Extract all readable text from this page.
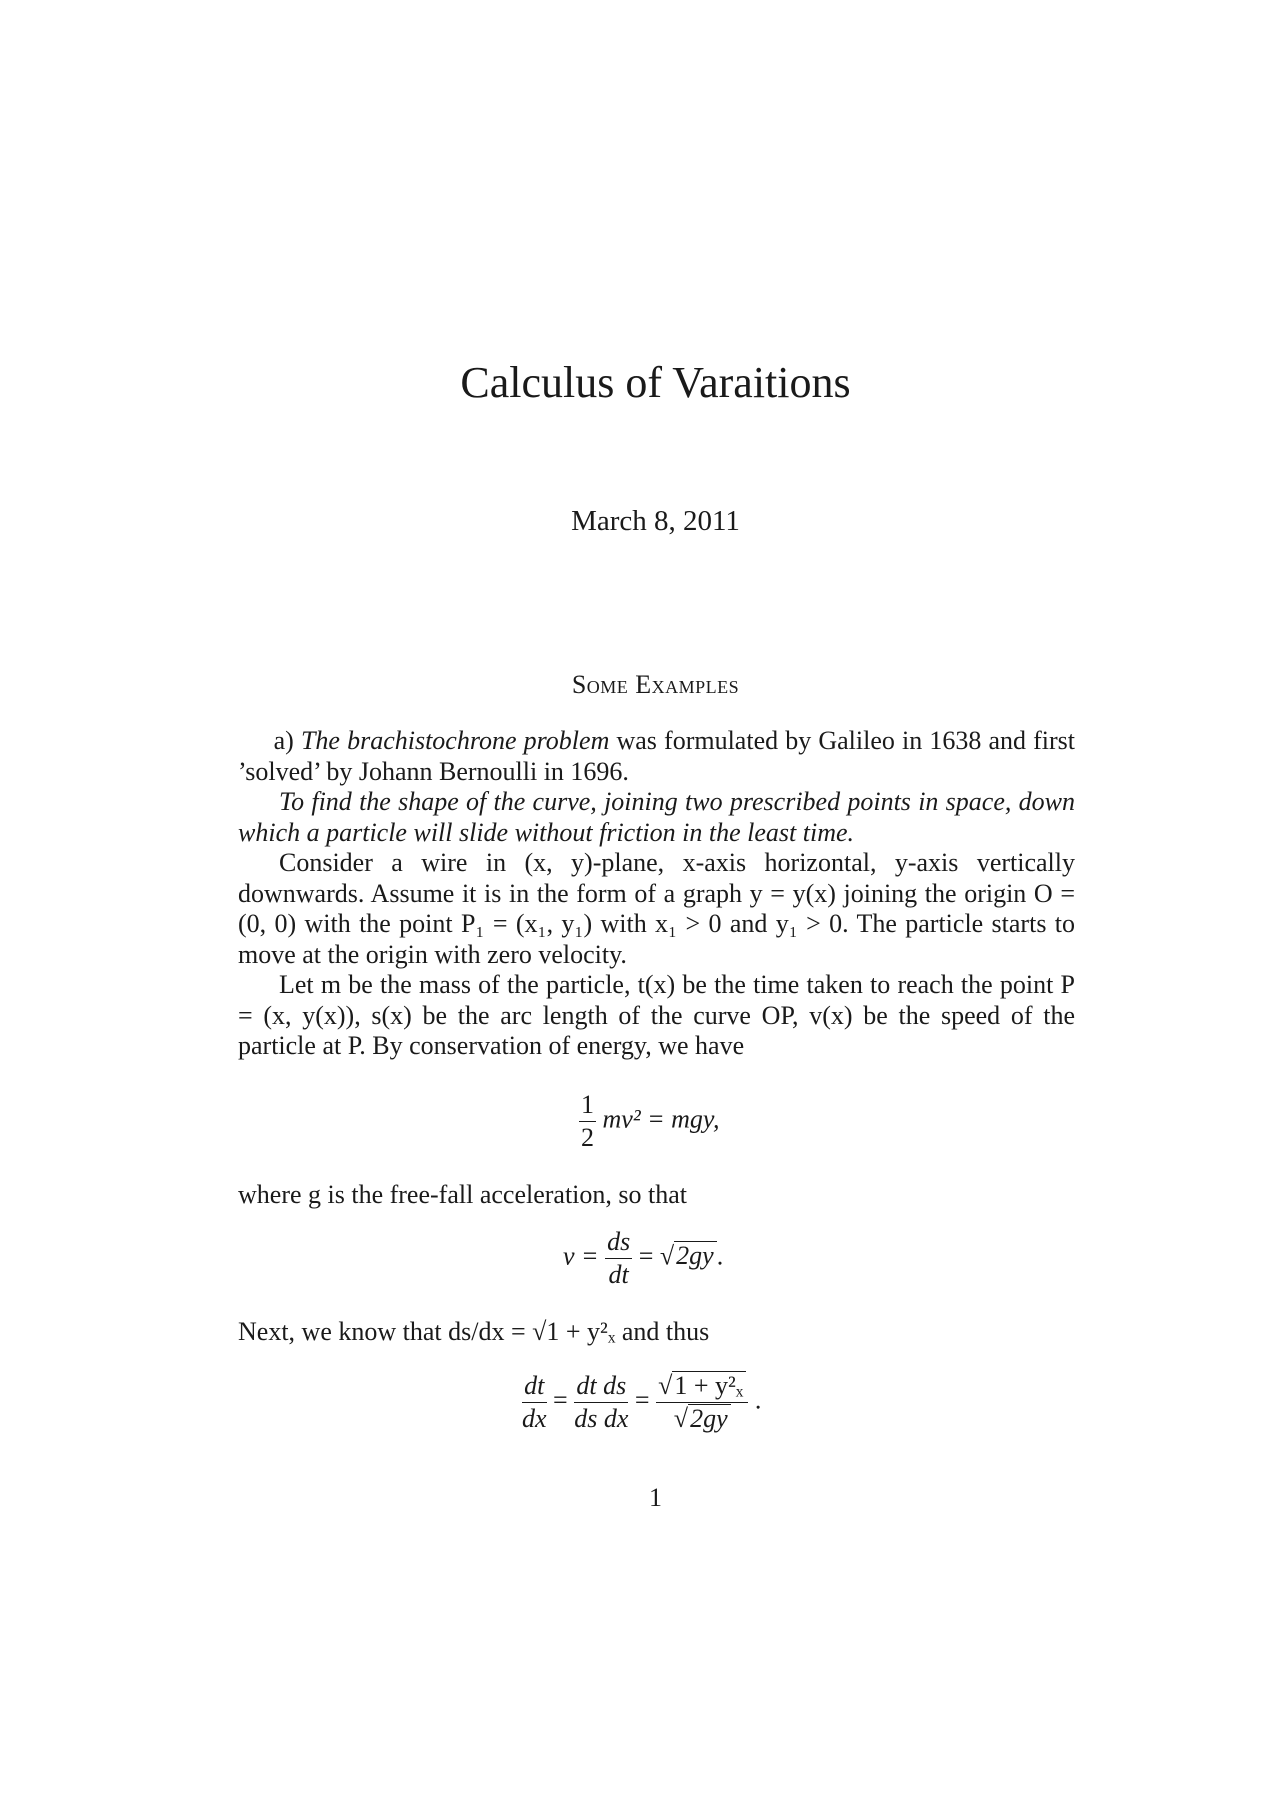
Calculus of Varaitions
March 8, 2011
Some Examples

a) The brachistochrone problem was formulated by Galileo in 1638 and first ’solved’ by Johann Bernoulli in 1696.

To find the shape of the curve, joining two prescribed points in space, down which a particle will slide without friction in the least time.

Consider a wire in (x, y)-plane, x-axis horizontal, y-axis vertically downwards. Assume it is in the form of a graph y = y(x) joining the origin O = (0, 0) with the point P₁ = (x₁, y₁) with x₁ > 0 and y₁ > 0. The particle starts to move at the origin with zero velocity.

Let m be the mass of the particle, t(x) be the time taken to reach the point P = (x, y(x)), s(x) be the arc length of the curve OP, v(x) be the speed of the particle at P. By conservation of energy, we have

$\frac{1}{2} mv^2$ = mgy,

where g is the free-fall acceleration, so that

$v = \frac{ds}{dt} = √2gy$ .

Next, we know that ds/dx = √1 + y²ₓ and thus

$\frac{dt}{dx} = \frac{\text{dt ds}}{\text{ds dx}} = \frac{\text{√1 + y²ₓ}}{√2gy}$ .
1
